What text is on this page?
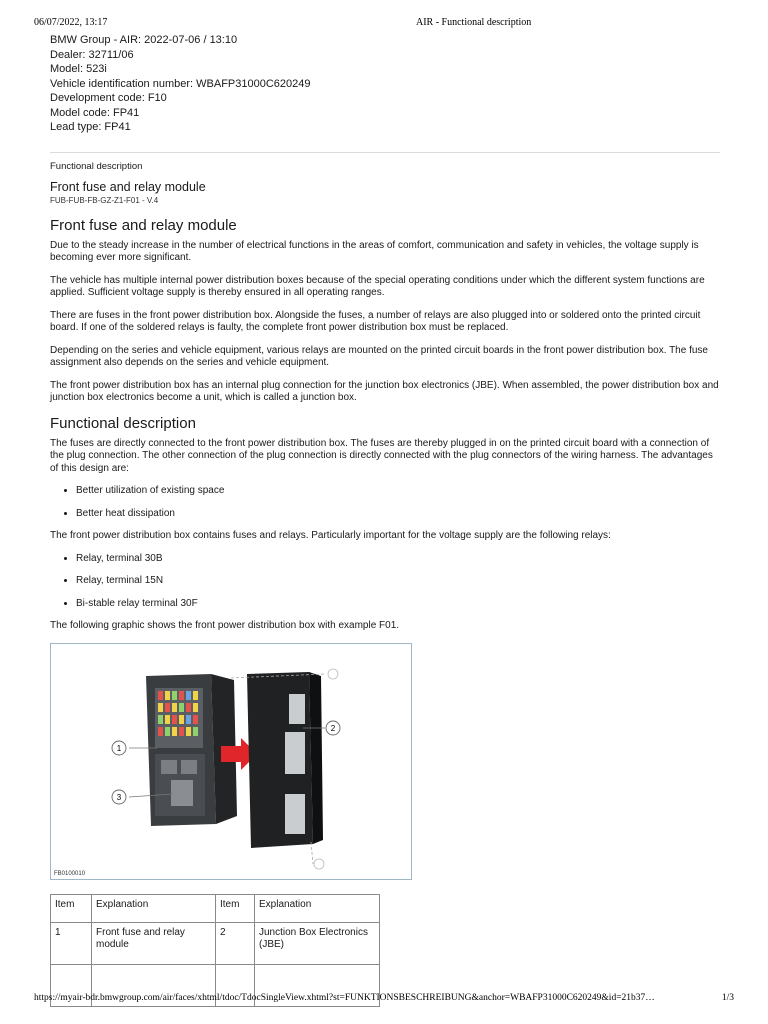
06/07/2022, 13:17	AIR - Functional description
BMW Group - AIR: 2022-07-06 / 13:10
Dealer: 32711/06
Model: 523i
Vehicle identification number: WBAFP31000C620249
Development code: F10
Model code: FP41
Lead type: FP41
Functional description
Front fuse and relay module
FUB-FUB-FB-GZ-Z1-F01 - V.4
Front fuse and relay module

Due to the steady increase in the number of electrical functions in the areas of comfort, communication and safety in vehicles, the voltage supply is becoming ever more significant.

The vehicle has multiple internal power distribution boxes because of the special operating conditions under which the different system functions are applied. Sufficient voltage supply is thereby ensured in all operating ranges.

There are fuses in the front power distribution box. Alongside the fuses, a number of relays are also plugged into or soldered onto the printed circuit board. If one of the soldered relays is faulty, the complete front power distribution box must be replaced.

Depending on the series and vehicle equipment, various relays are mounted on the printed circuit boards in the front power distribution box. The fuse assignment also depends on the series and vehicle equipment.

The front power distribution box has an internal plug connection for the junction box electronics (JBE). When assembled, the power distribution box and junction box electronics become a unit, which is called a junction box.

Functional description

The fuses are directly connected to the front power distribution box. The fuses are thereby plugged in on the printed circuit board with a connection of the plug connection. The other connection of the plug connection is directly connected with the plug connectors of the wiring harness. The advantages of this design are:

• Better utilization of existing space
• Better heat dissipation

The front power distribution box contains fuses and relays. Particularly important for the voltage supply are the following relays:

• Relay, terminal 30B
• Relay, terminal 15N
• Bi-stable relay terminal 30F

The following graphic shows the front power distribution box with example F01.

1
3
2
FB0100010
Item	Explanation	Item	Explanation
1	Front fuse and relay module	2	Junction Box Electronics (JBE)

https://myair-bdr.bmwgroup.com/air/faces/xhtml/tdoc/TdocSingleView.xhtml?st=FUNKTIONSBESCHREIBUNG&anchor=WBAFP31000C620249&id=21b37…	1/3
